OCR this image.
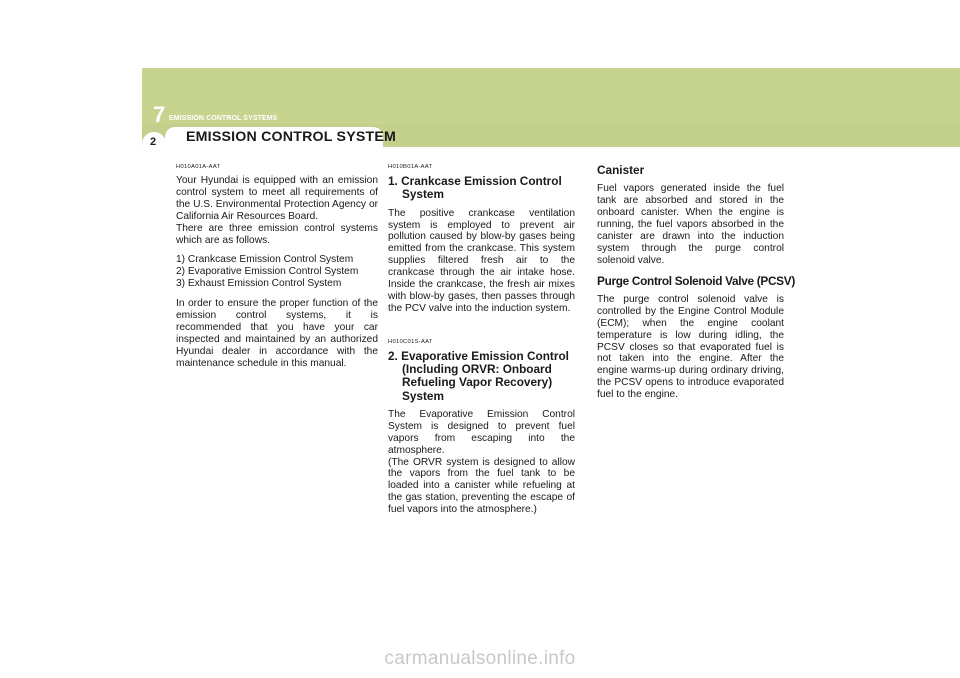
7 EMISSION CONTROL SYSTEMS
2 EMISSION CONTROL SYSTEM
H010A01A-AAT

Your Hyundai is equipped with an emission control system to meet all requirements of the U.S. Environmental Protection Agency or California Air Resources Board.

There are three emission control systems which are as follows.

1) Crankcase Emission Control System
2) Evaporative Emission Control System
3) Exhaust Emission Control System

In order to ensure the proper function of the emission control systems, it is recommended that you have your car inspected and maintained by an authorized Hyundai dealer in accordance with the maintenance schedule in this manual.

H010B01A-AAT
1. Crankcase Emission Control System

The positive crankcase ventilation system is employed to prevent air pollution caused by blow-by gases being emitted from the crankcase. This system supplies filtered fresh air to the crankcase through the air intake hose. Inside the crankcase, the fresh air mixes with blow-by gases, then passes through the PCV valve into the induction system.

H010C01S-AAT
2. Evaporative Emission Control (Including ORVR: Onboard Refueling Vapor Recovery) System

The Evaporative Emission Control System is designed to prevent fuel vapors from escaping into the atmosphere.

(The ORVR system is designed to allow the vapors from the fuel tank to be loaded into a canister while refueling at the gas station, preventing the escape of fuel vapors into the atmosphere.)

Canister

Fuel vapors generated inside the fuel tank are absorbed and stored in the onboard canister. When the engine is running, the fuel vapors absorbed in the canister are drawn into the induction system through the purge control solenoid valve.

Purge Control Solenoid Valve (PCSV)

The purge control solenoid valve is controlled by the Engine Control Module (ECM); when the engine coolant temperature is low during idling, the PCSV closes so that evaporated fuel is not taken into the engine. After the engine warms-up during ordinary driving, the PCSV opens to introduce evaporated fuel to the engine.

carmanualsonline.info
